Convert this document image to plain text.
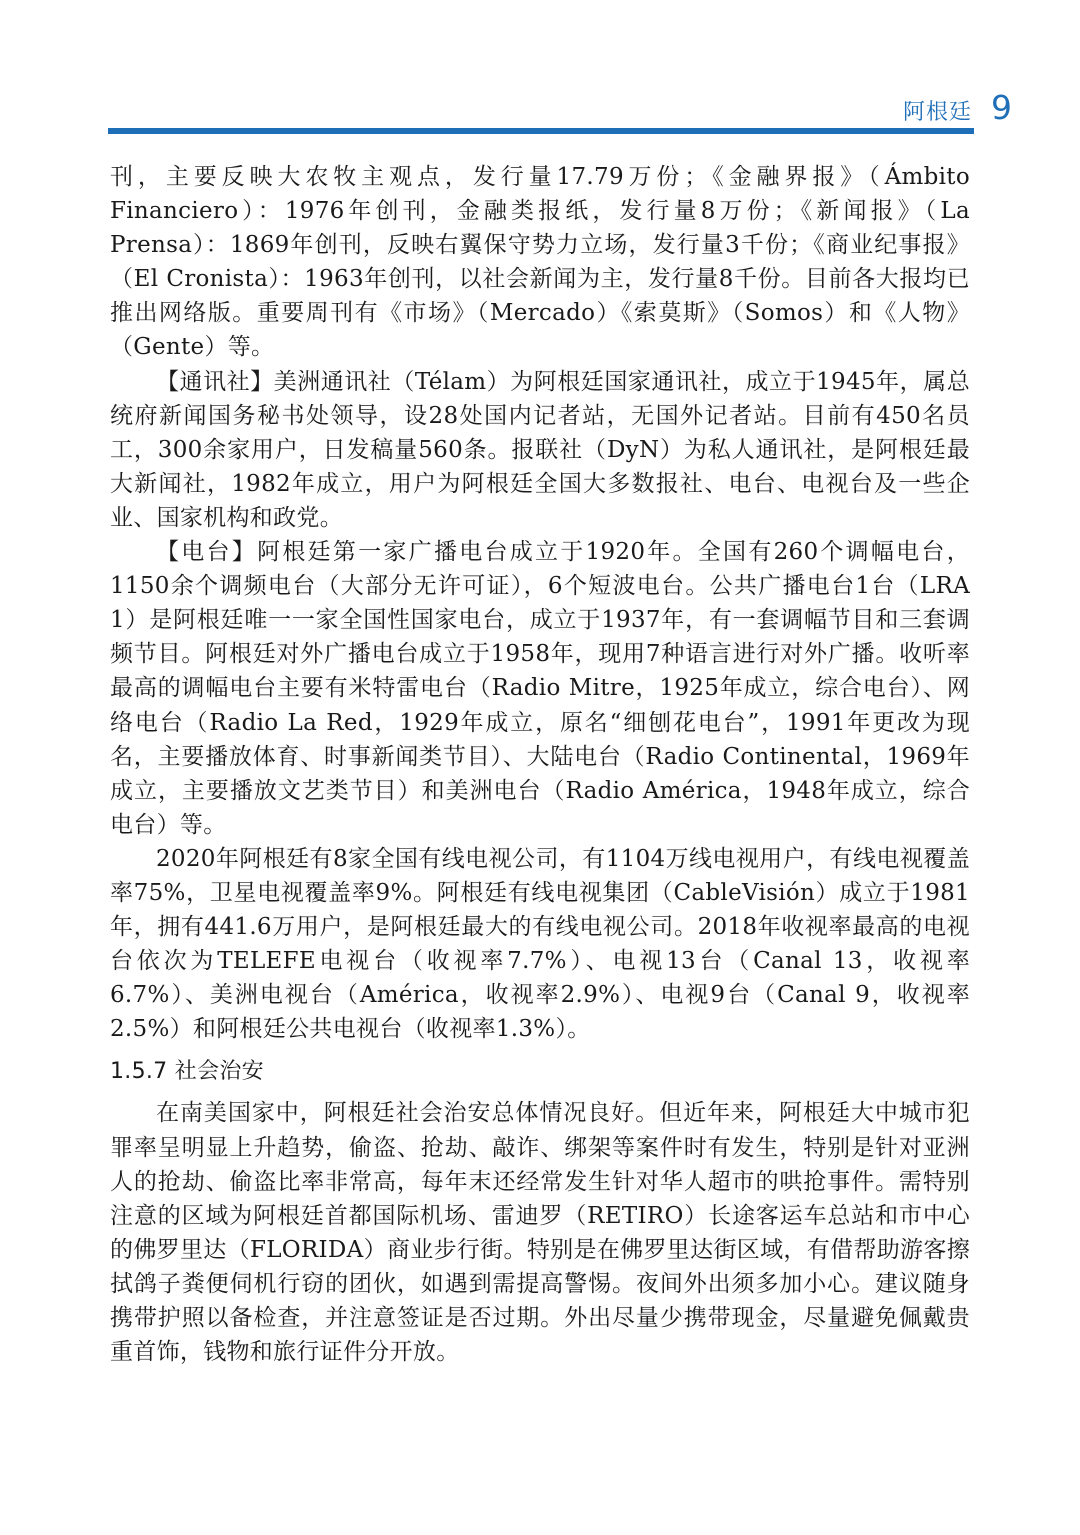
阿根廷 9

刊，主要反映大农牧主观点，发行量17.79万份；《金融界报》（Ámbito Financiero）：1976年创刊，金融类报纸，发行量8万份；《新闻报》（La Prensa）：1869年创刊，反映右翼保守势力立场，发行量3千份；《商业纪事报》（El Cronista）：1963年创刊，以社会新闻为主，发行量8千份。目前各大报均已推出网络版。重要周刊有《市场》（Mercado）《索莫斯》（Somos）和《人物》（Gente）等。

【通讯社】美洲通讯社（Télam）为阿根廷国家通讯社，成立于1945年，属总统府新闻国务秘书处领导，设28处国内记者站，无国外记者站。目前有450名员工，300余家用户，日发稿量560条。报联社（DyN）为私人通讯社，是阿根廷最大新闻社，1982年成立，用户为阿根廷全国大多数报社、电台、电视台及一些企业、国家机构和政党。

【电台】阿根廷第一家广播电台成立于1920年。全国有260个调幅电台，1150余个调频电台（大部分无许可证），6个短波电台。公共广播电台1台（LRA 1）是阿根廷唯一一家全国性国家电台，成立于1937年，有一套调幅节目和三套调频节目。阿根廷对外广播电台成立于1958年，现用7种语言进行对外广播。收听率最高的调幅电台主要有米特雷电台（Radio Mitre，1925年成立，综合电台）、网络电台（Radio La Red，1929年成立，原名“细刨花电台”，1991年更改为现名，主要播放体育、时事新闻类节目）、大陆电台（Radio Continental，1969年成立，主要播放文艺类节目）和美洲电台（Radio América，1948年成立，综合电台）等。

2020年阿根廷有8家全国有线电视公司，有1104万线电视用户，有线电视覆盖率75%，卫星电视覆盖率9%。阿根廷有线电视集团（CableVisión）成立于1981年，拥有441.6万用户，是阿根廷最大的有线电视公司。2018年收视率最高的电视台依次为TELEFE电视台（收视率7.7%）、电视13台（Canal 13，收视率6.7%）、美洲电视台（América，收视率2.9%）、电视9台（Canal 9，收视率2.5%）和阿根廷公共电视台（收视率1.3%）。

1.5.7 社会治安

在南美国家中，阿根廷社会治安总体情况良好。但近年来，阿根廷大中城市犯罪率呈明显上升趋势，偷盗、抢劫、敲诈、绑架等案件时有发生，特别是针对亚洲人的抢劫、偷盗比率非常高，每年末还经常发生针对华人超市的哄抢事件。需特别注意的区域为阿根廷首都国际机场、雷迪罗（RETIRO）长途客运车总站和市中心的佛罗里达（FLORIDA）商业步行街。特别是在佛罗里达街区域，有借帮助游客擦拭鸽子粪便伺机行窃的团伙，如遇到需提高警惕。夜间外出须多加小心。建议随身携带护照以备检查，并注意签证是否过期。外出尽量少携带现金，尽量避免佩戴贵重首饰，钱物和旅行证件分开放。
